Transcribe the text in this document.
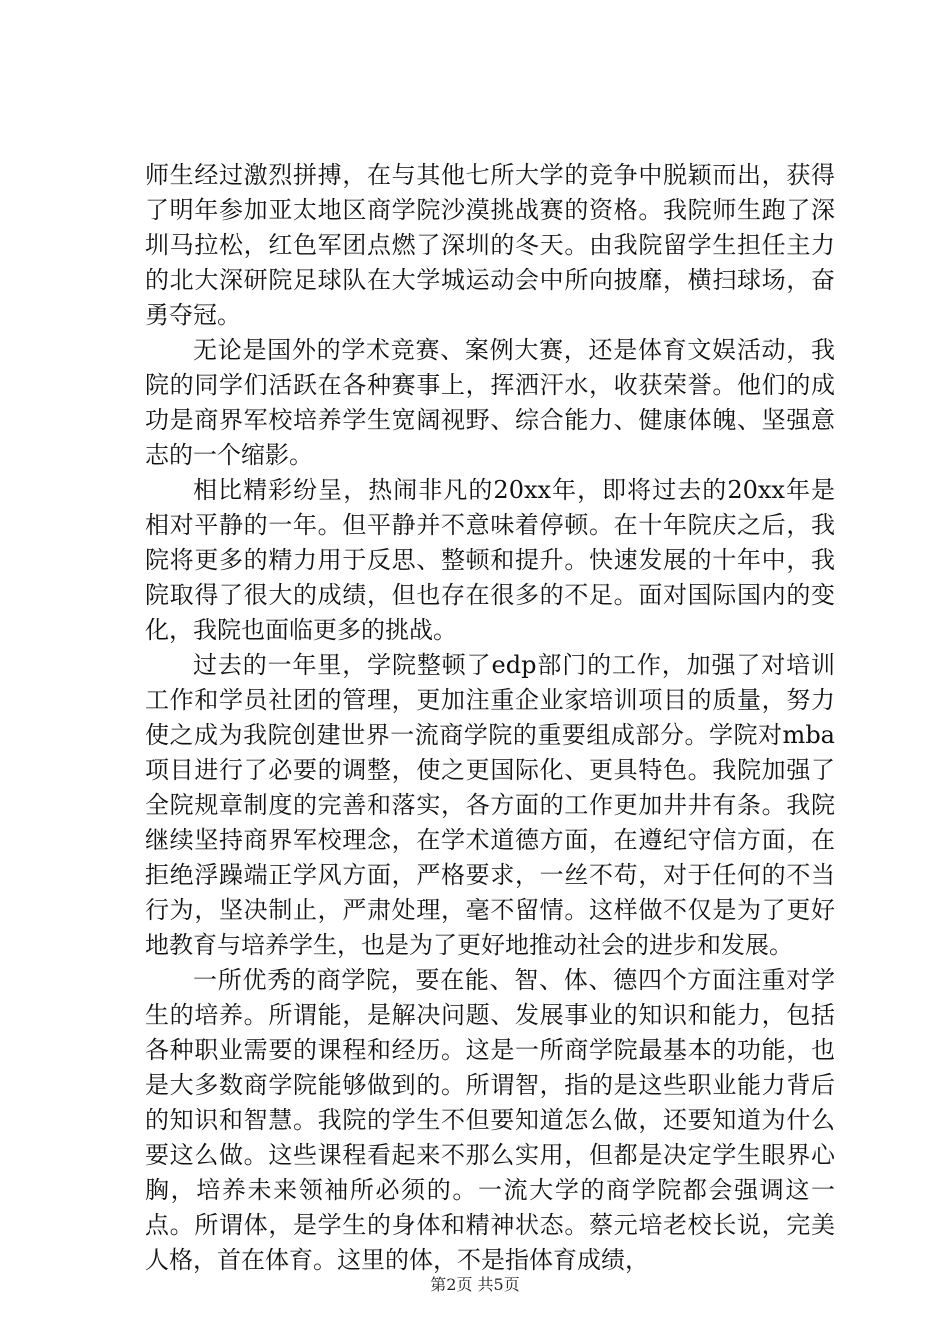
师生经过激烈拼搏，在与其他七所大学的竞争中脱颖而出，获得了明年参加亚太地区商学院沙漠挑战赛的资格。我院师生跑了深圳马拉松，红色军团点燃了深圳的冬天。由我院留学生担任主力的北大深研院足球队在大学城运动会中所向披靡，横扫球场，奋勇夺冠。

无论是国外的学术竞赛、案例大赛，还是体育文娱活动，我院的同学们活跃在各种赛事上，挥洒汗水，收获荣誉。他们的成功是商界军校培养学生宽阔视野、综合能力、健康体魄、坚强意志的一个缩影。

相比精彩纷呈，热闹非凡的20xx年，即将过去的20xx年是相对平静的一年。但平静并不意味着停顿。在十年院庆之后，我院将更多的精力用于反思、整顿和提升。快速发展的十年中，我院取得了很大的成绩，但也存在很多的不足。面对国际国内的变化，我院也面临更多的挑战。

过去的一年里，学院整顿了edp部门的工作，加强了对培训工作和学员社团的管理，更加注重企业家培训项目的质量，努力使之成为我院创建世界一流商学院的重要组成部分。学院对mba项目进行了必要的调整，使之更国际化、更具特色。我院加强了全院规章制度的完善和落实，各方面的工作更加井井有条。我院继续坚持商界军校理念，在学术道德方面，在遵纪守信方面，在拒绝浮躁端正学风方面，严格要求，一丝不苟，对于任何的不当行为，坚决制止，严肃处理，毫不留情。这样做不仅是为了更好地教育与培养学生，也是为了更好地推动社会的进步和发展。

一所优秀的商学院，要在能、智、体、德四个方面注重对学生的培养。所谓能，是解决问题、发展事业的知识和能力，包括各种职业需要的课程和经历。这是一所商学院最基本的功能，也是大多数商学院能够做到的。所谓智，指的是这些职业能力背后的知识和智慧。我院的学生不但要知道怎么做，还要知道为什么要这么做。这些课程看起来不那么实用，但都是决定学生眼界心胸，培养未来领袖所必须的。一流大学的商学院都会强调这一点。所谓体，是学生的身体和精神状态。蔡元培老校长说，完美人格，首在体育。这里的体，不是指体育成绩，

第2页 共5页
